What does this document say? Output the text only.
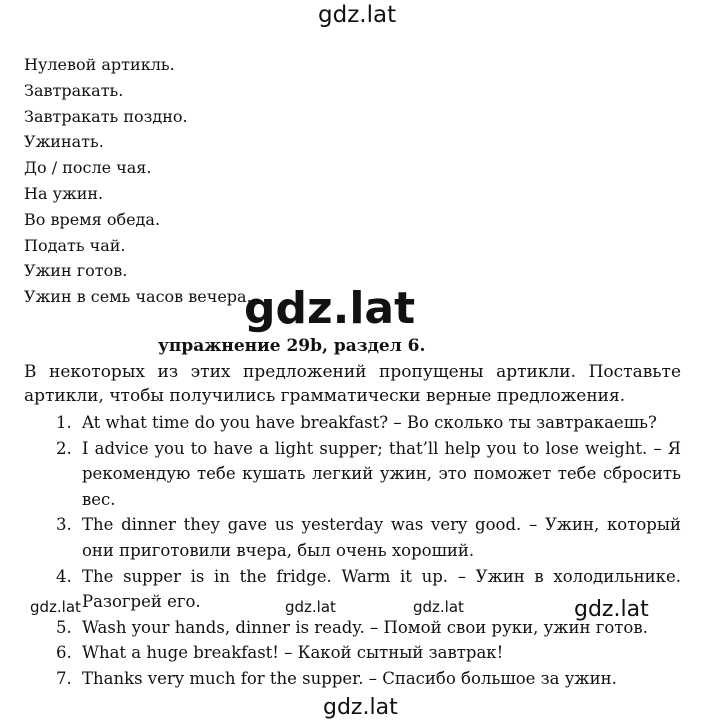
gdz.lat
Нулевой артикль.
Завтракать.
Завтракать поздно.
Ужинать.
До / после чая.
На ужин.
Во время обеда.
Подать чай.
Ужин готов.
Ужин в семь часов вечера.
gdz.lat
упражнение 29b, раздел 6.

В некоторых из этих предложений пропущены артикли. Поставьте артикли, чтобы получились грамматически верные предложения.

1. At what time do you have breakfast? – Во сколько ты завтракаешь?
2. I advice you to have a light supper; that’ll help you to lose weight. – Я рекомендую тебе кушать легкий ужин, это поможет тебе сбросить вес.
3. The dinner they gave us yesterday was very good. – Ужин, который они приготовили вчера, был очень хороший.
4. The supper is in the fridge. Warm it up. – Ужин в холодильнике. Разогрей его.
5. Wash your hands, dinner is ready. – Помой свои руки, ужин готов.
6. What a huge breakfast! – Какой сытный завтрак!
7. Thanks very much for the supper. – Спасибо большое за ужин.
gdz.lat	gdz.lat	gdz.lat	gdz.lat
gdz.lat
